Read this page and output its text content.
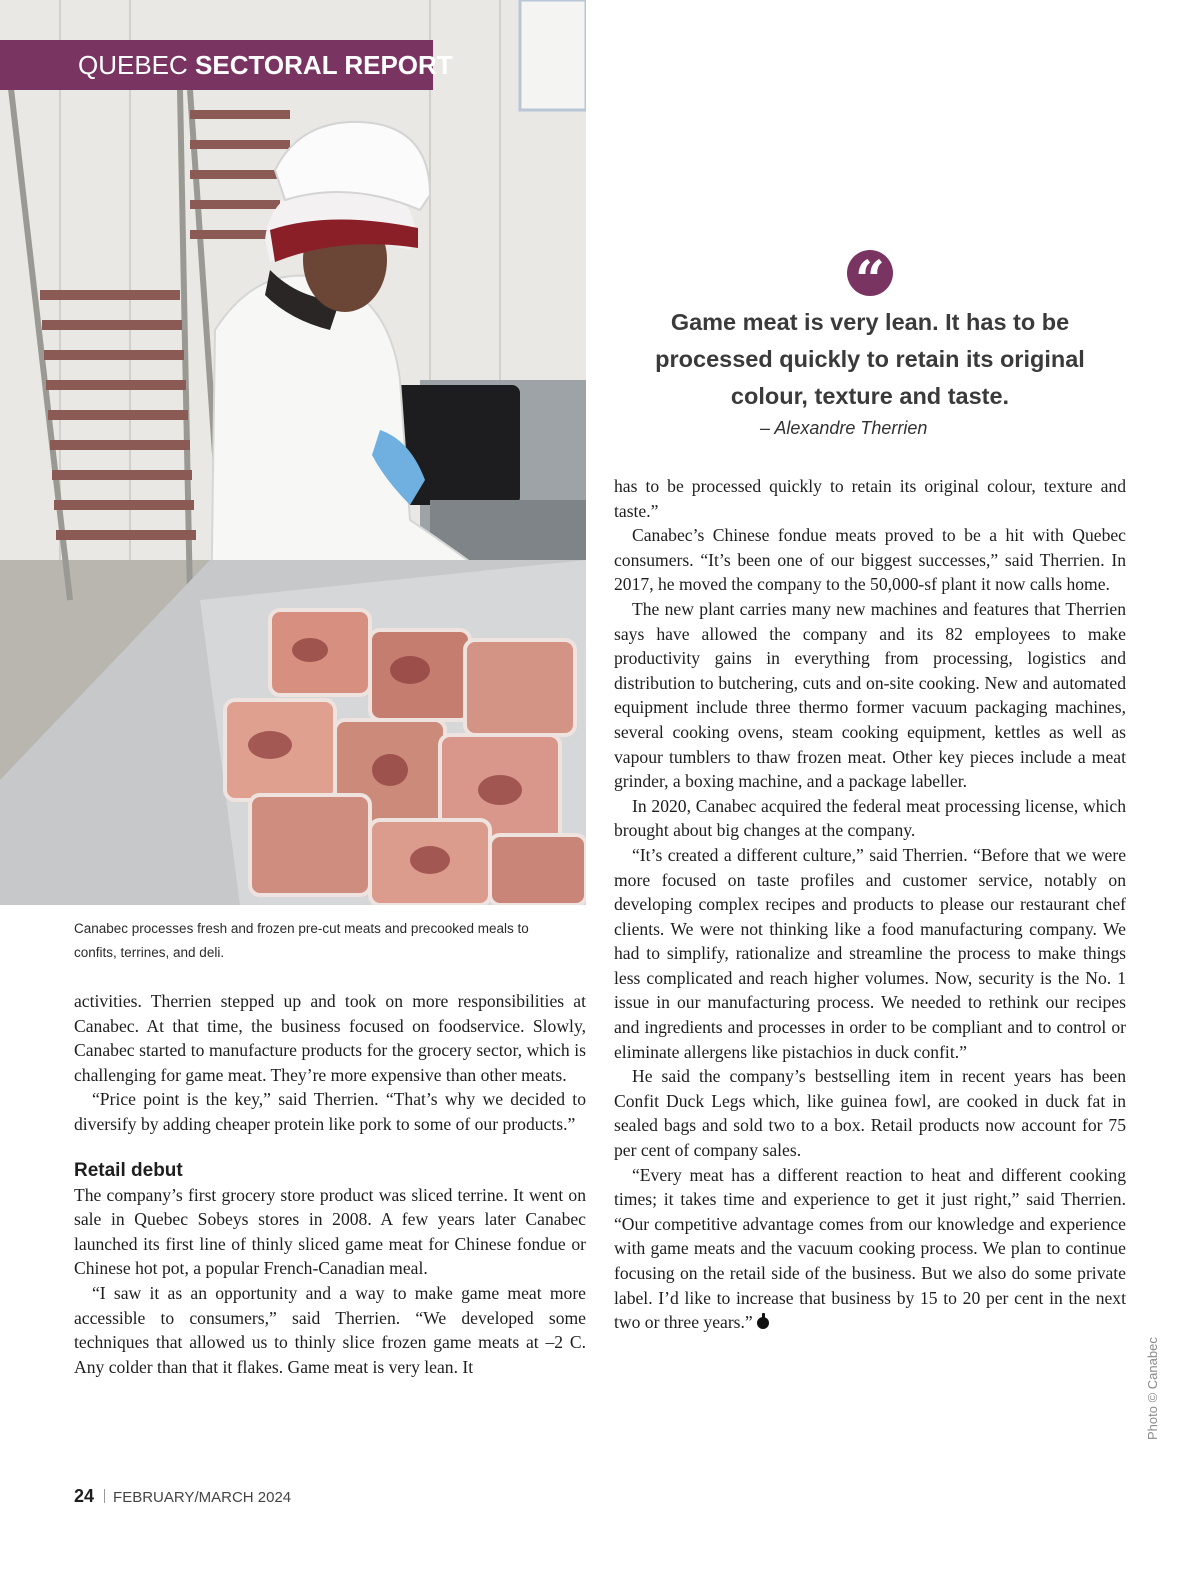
QUEBEC SECTORAL REPORT
Canabec processes fresh and frozen pre-cut meats and precooked meals to confits, terrines, and deli.
“

Game meat is very lean. It has to be processed quickly to retain its original colour, texture and taste.

– Alexandre Therrien

activities. Therrien stepped up and took on more responsibilities at Canabec. At that time, the business focused on foodservice. Slowly, Canabec started to manufacture products for the grocery sector, which is challenging for game meat. They’re more expensive than other meats.

“Price point is the key,” said Therrien. “That’s why we decided to diversify by adding cheaper protein like pork to some of our products.”

Retail debut

The company’s first grocery store product was sliced terrine. It went on sale in Quebec Sobeys stores in 2008. A few years later Canabec launched its first line of thinly sliced game meat for Chinese fondue or Chinese hot pot, a popular French-Canadian meal.

“I saw it as an opportunity and a way to make game meat more accessible to consumers,” said Therrien. “We developed some techniques that allowed us to thinly slice frozen game meats at –2 C. Any colder than that it flakes. Game meat is very lean. It

has to be processed quickly to retain its original colour, texture and taste.”

Canabec’s Chinese fondue meats proved to be a hit with Quebec consumers. “It’s been one of our biggest successes,” said Therrien. In 2017, he moved the company to the 50,000-sf plant it now calls home.

The new plant carries many new machines and features that Therrien says have allowed the company and its 82 employees to make productivity gains in everything from processing, logistics and distribution to butchering, cuts and on-site cooking. New and automated equipment include three thermo former vacuum packaging machines, several cooking ovens, steam cooking equipment, kettles as well as vapour tumblers to thaw frozen meat. Other key pieces include a meat grinder, a boxing machine, and a package labeller.

In 2020, Canabec acquired the federal meat processing license, which brought about big changes at the company.

“It’s created a different culture,” said Therrien. “Before that we were more focused on taste profiles and customer service, notably on developing complex recipes and products to please our restaurant chef clients. We were not thinking like a food manufacturing company. We had to simplify, rationalize and streamline the process to make things less complicated and reach higher volumes. Now, security is the No. 1 issue in our manufacturing process. We needed to rethink our recipes and ingredients and processes in order to be compliant and to control or eliminate allergens like pistachios in duck confit.”

He said the company’s bestselling item in recent years has been Confit Duck Legs which, like guinea fowl, are cooked in duck fat in sealed bags and sold two to a box. Retail products now account for 75 per cent of company sales.

“Every meat has a different reaction to heat and different cooking times; it takes time and experience to get it just right,” said Therrien. “Our competitive advantage comes from our knowledge and experience with game meats and the vacuum cooking process. We plan to continue focusing on the retail side of the business. But we also do some private label. I’d like to increase that business by 15 to 20 per cent in the next two or three years.”

24 FEBRUARY/MARCH 2024
Photo © Canabec
